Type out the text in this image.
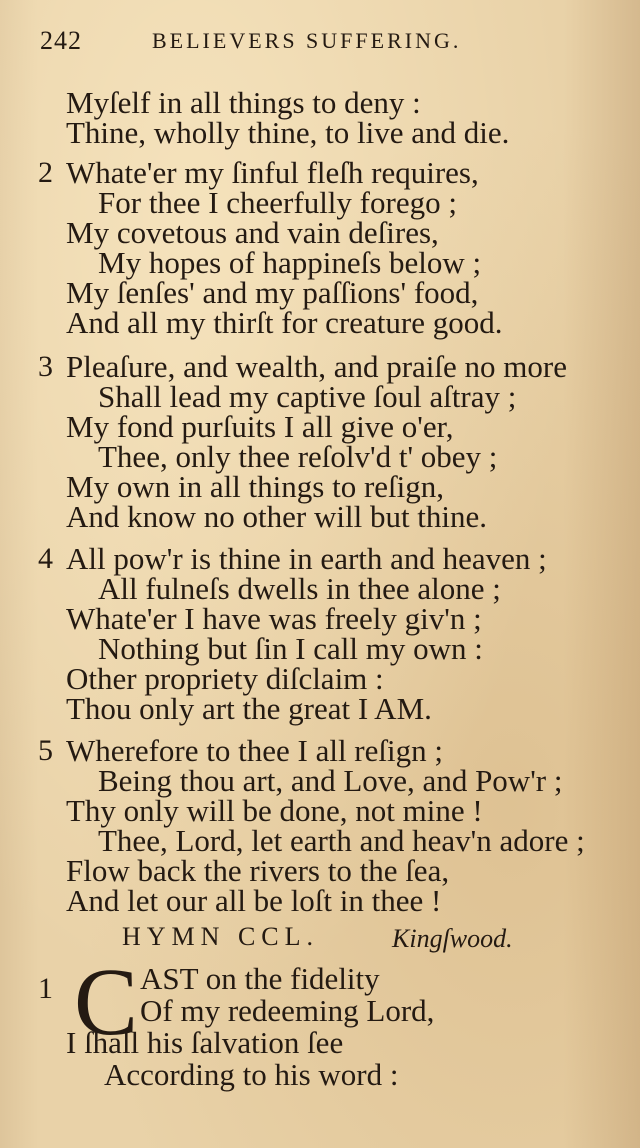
242	BELIEVERS SUFFERING.
Myſelf in all things to deny :
Thine, wholly thine, to live and die.
2 Whate'er my ſinful fleſh requires,
For thee I cheerfully forego ;
My covetous and vain deſires,
My hopes of happineſs below ;
My ſenſes' and my paſſions' food,
And all my thirſt for creature good.
3 Pleaſure, and wealth, and praiſe no more
Shall lead my captive ſoul aſtray ;
My fond purſuits I all give o'er,
Thee, only thee reſolv'd t' obey ;
My own in all things to reſign,
And know no other will but thine.
4 All pow'r is thine in earth and heaven ;
All fulneſs dwells in thee alone ;
Whate'er I have was freely giv'n ;
Nothing but ſin I call my own :
Other propriety diſclaim :
Thou only art the great I AM.
5 Wherefore to thee I all reſign ;
Being thou art, and Love, and Pow'r ;
Thy only will be done, not mine !
Thee, Lord, let earth and heav'n adore ;
Flow back the rivers to the ſea,
And let our all be loſt in thee !
HYMN CCL.	Kingſwood.
1 C AST on the fidelity
Of my redeeming Lord,
I ſhall his ſalvation ſee
According to his word :
